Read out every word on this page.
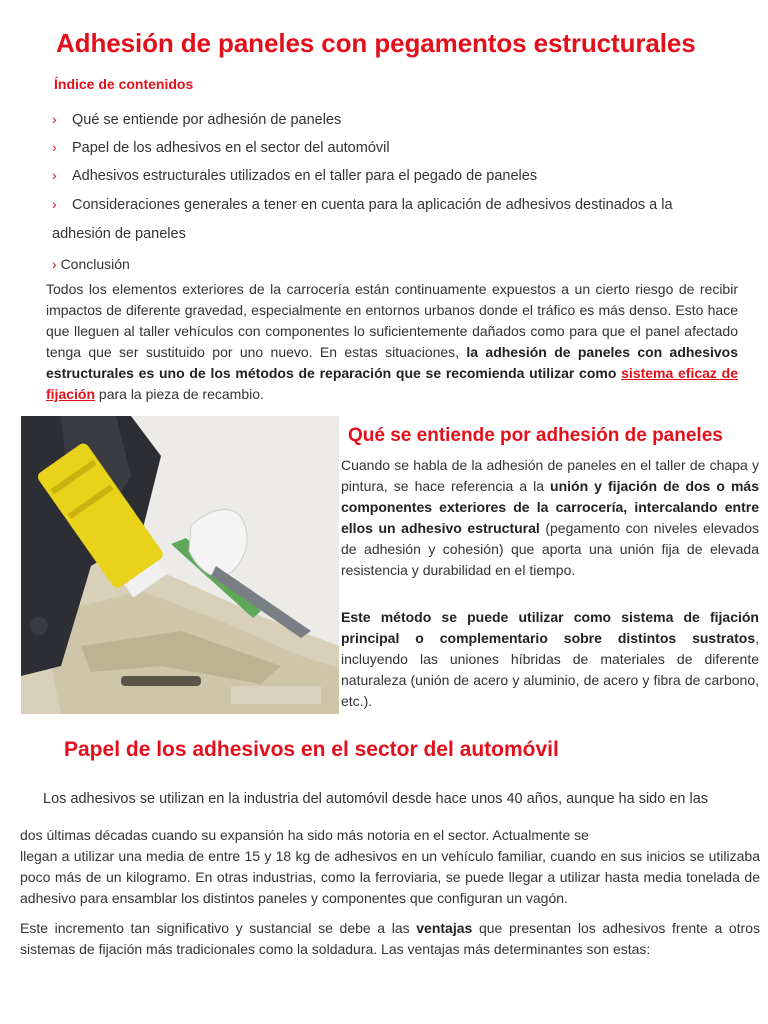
Adhesión de paneles con pegamentos estructurales

Índice de contenidos

› Qué se entiende por adhesión de paneles
› Papel de los adhesivos en el sector del automóvil
› Adhesivos estructurales utilizados en el taller para el pegado de paneles
› Consideraciones generales a tener en cuenta para la aplicación de adhesivos destinados a la
adhesión de paneles
› Conclusión

Todos los elementos exteriores de la carrocería están continuamente expuestos a un cierto riesgo de recibir impactos de diferente gravedad, especialmente en entornos urbanos donde el tráfico es más denso. Esto hace que lleguen al taller vehículos con componentes lo suficientemente dañados como para que el panel afectado tenga que ser sustituido por uno nuevo. En estas situaciones, la adhesión de paneles con adhesivos estructurales es uno de los métodos de reparación que se recomienda utilizar como sistema eficaz de fijación para la pieza de recambio.

Qué se entiende por adhesión de paneles

Cuando se habla de la adhesión de paneles en el taller de chapa y pintura, se hace referencia a la unión y fijación de dos o más componentes exteriores de la carrocería, intercalando entre ellos un adhesivo estructural (pegamento con niveles elevados de adhesión y cohesión) que aporta una unión fija de elevada resistencia y durabilidad en el tiempo.

Este método se puede utilizar como sistema de fijación principal o complementario sobre distintos sustratos, incluyendo las uniones híbridas de materiales de diferente naturaleza (unión de acero y aluminio, de acero y fibra de carbono, etc.).

Papel de los adhesivos en el sector del automóvil

Los adhesivos se utilizan en la industria del automóvil desde hace unos 40 años, aunque ha sido en las

dos últimas décadas cuando su expansión ha sido más notoria en el sector. Actualmente se

llegan a utilizar una media de entre 15 y 18 kg de adhesivos en un vehículo familiar, cuando en sus inicios se utilizaba poco más de un kilogramo. En otras industrias, como la ferroviaria, se puede llegar a utilizar hasta media tonelada de adhesivo para ensamblar los distintos paneles y componentes que configuran un vagón.

Este incremento tan significativo y sustancial se debe a las ventajas que presentan los adhesivos frente a otros sistemas de fijación más tradicionales como la soldadura. Las ventajas más determinantes son estas:
